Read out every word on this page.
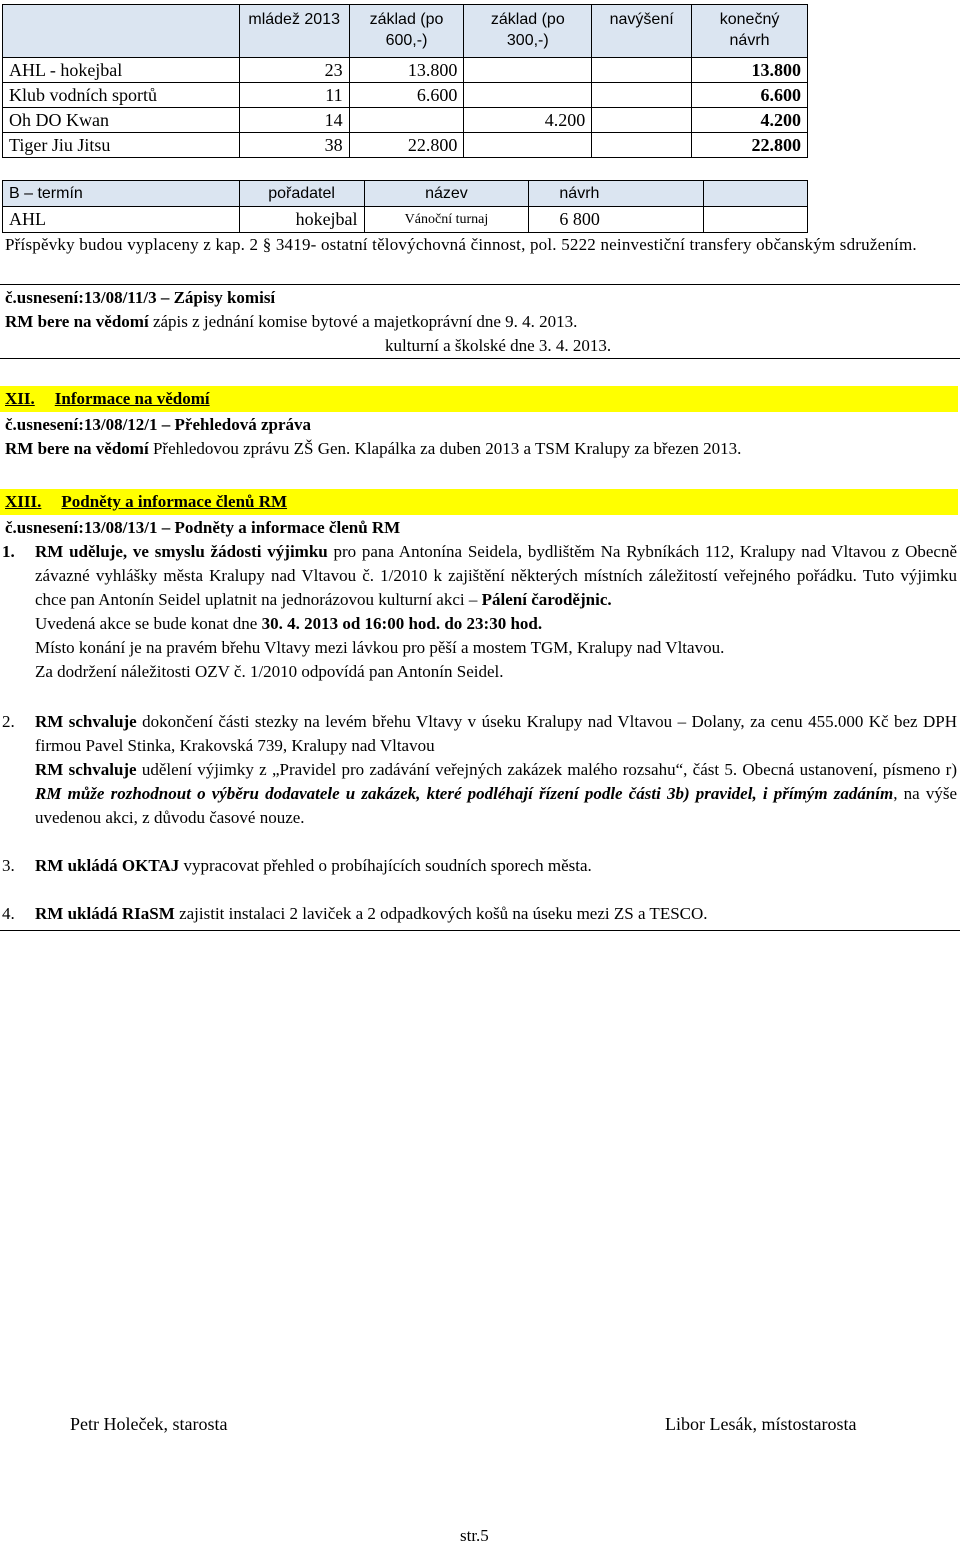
	mládež 2013	základ (po 600,-)	základ (po 300,-)	navýšení	konečný návrh
AHL - hokejbal	23	13.800			13.800
Klub vodních sportů	11	6.600			6.600
Oh DO Kwan	14		4.200		4.200
Tiger Jiu Jitsu	38	22.800			22.800
B – termín	pořadatel	název	návrh	
AHL	hokejbal	Vánoční turnaj	6 800	
Příspěvky budou vyplaceny z kap. 2 § 3419- ostatní tělovýchovná činnost, pol. 5222 neinvestiční transfery občanským sdružením.
č.usnesení:13/08/11/3 – Zápisy komisí
RM bere na vědomí zápis z jednání komise bytové a majetkoprávní dne 9. 4. 2013.
kulturní a školské dne 3. 4. 2013.
XII. Informace na vědomí
č.usnesení:13/08/12/1 – Přehledová zpráva
RM bere na vědomí Přehledovou zprávu ZŠ Gen. Klapálka za duben 2013 a TSM Kralupy za březen 2013.
XIII. Podněty a informace členů RM
č.usnesení:13/08/13/1 – Podněty a informace členů RM
1. RM uděluje, ve smyslu žádosti výjimku pro pana Antonína Seidela, bydlištěm Na Rybníkách 112, Kralupy nad Vltavou z Obecně závazné vyhlášky města Kralupy nad Vltavou č. 1/2010 k zajištění některých místních záležitostí veřejného pořádku. Tuto výjimku chce pan Antonín Seidel uplatnit na jednorázovou kulturní akci – Pálení čarodějnic.
Uvedená akce se bude konat dne 30. 4. 2013 od 16:00 hod. do 23:30 hod.
Místo konání je na pravém břehu Vltavy mezi lávkou pro pěší a mostem TGM, Kralupy nad Vltavou.
Za dodržení náležitosti OZV č. 1/2010 odpovídá pan Antonín Seidel.
2. RM schvaluje dokončení části stezky na levém břehu Vltavy v úseku Kralupy nad Vltavou – Dolany, za cenu 455.000 Kč bez DPH firmou Pavel Stinka, Krakovská 739, Kralupy nad Vltavou
RM schvaluje udělení výjimky z „Pravidel pro zadávání veřejných zakázek malého rozsahu“, část 5. Obecná ustanovení, písmeno r) RM může rozhodnout o výběru dodavatele u zakázek, které podléhají řízení podle části 3b) pravidel, i přímým zadáním, na výše uvedenou akci, z důvodu časové nouze.
3. RM ukládá OKTAJ vypracovat přehled o probíhajících soudních sporech města.
4. RM ukládá RIaSM zajistit instalaci 2 laviček a 2 odpadkových košů na úseku mezi ZS a TESCO.
Petr Holeček, starosta	Libor Lesák, místostarosta
str.5
